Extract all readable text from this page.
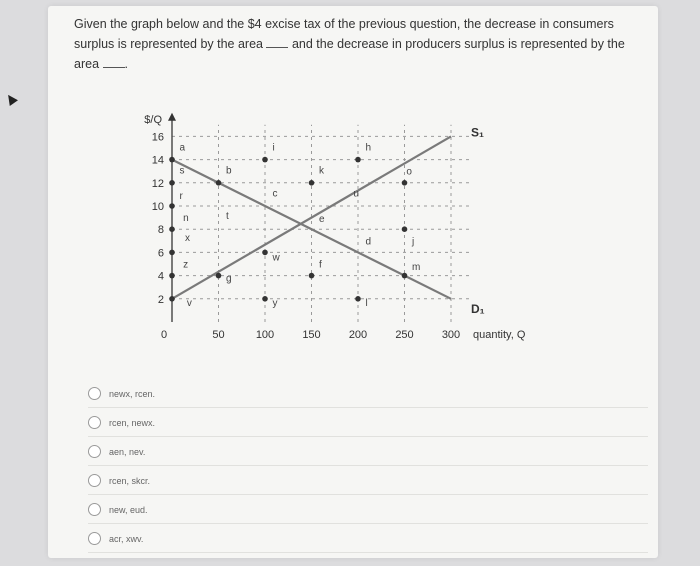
Given the graph below and the $4 excise tax of the previous question, the decrease in consumers surplus is represented by the area and the decrease in producers surplus is represented by the area .
16
14
12
10
8
6
4
2
0	50	100	150	200	250	300
$/Q
quantity, Q
S₁
D₁
a
s
r
n
x
z
v
b
t
g
i
c
w
y
k
e
f
u
h
d
l
o
j
m
newx, rcen.
rcen, newx.
aen, nev.
rcen, skcr.
new, eud.
acr, xwv.
